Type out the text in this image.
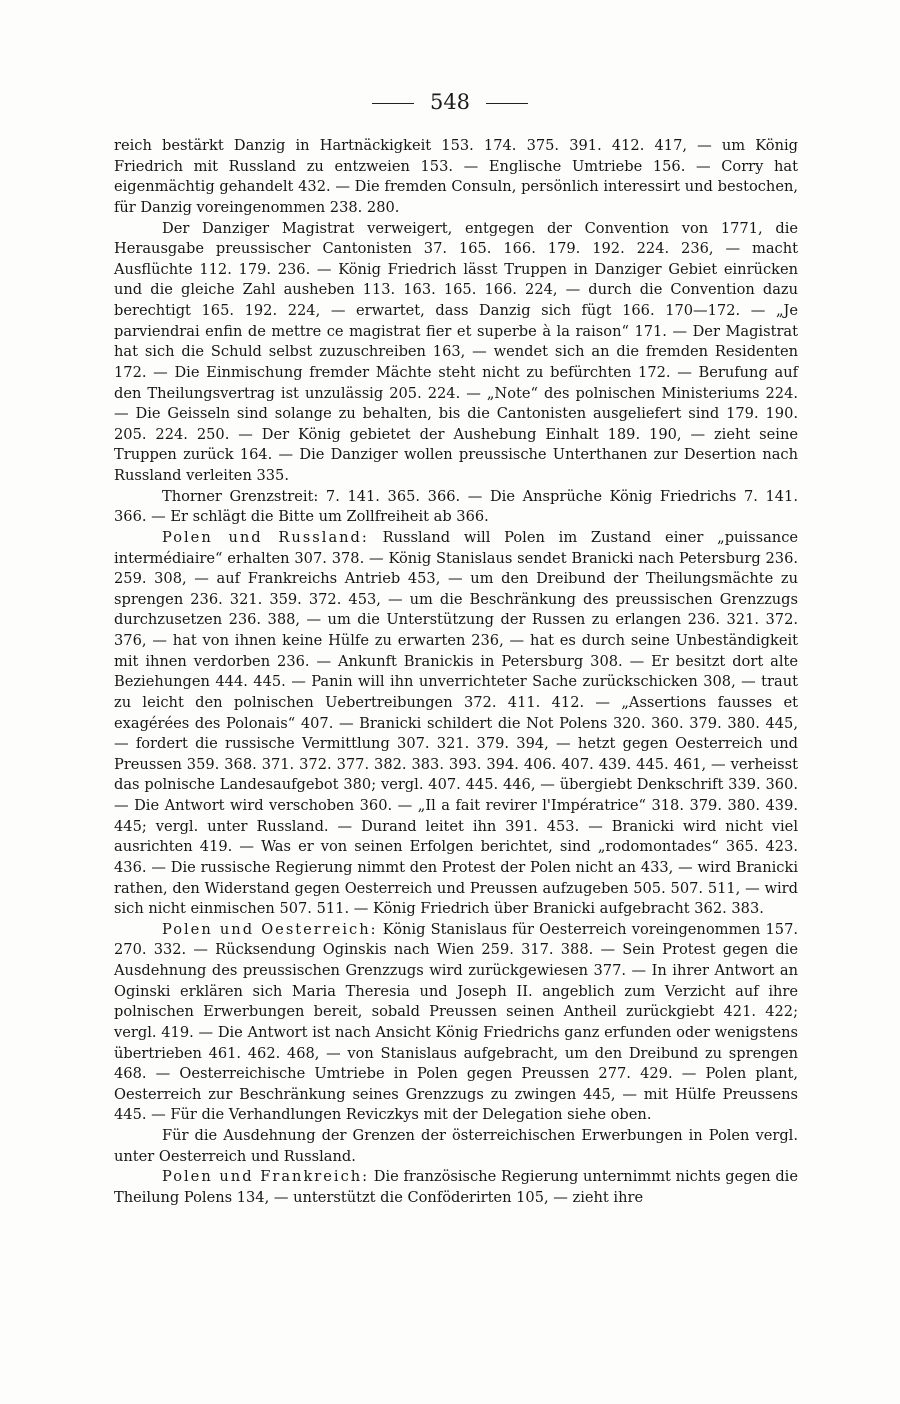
548

reich bestärkt Danzig in Hartnäckigkeit 153. 174. 375. 391. 412. 417, — um König Friedrich mit Russland zu entzweien 153. — Englische Umtriebe 156. — Corry hat eigenmächtig gehandelt 432. — Die fremden Consuln, persönlich interessirt und bestochen, für Danzig voreingenommen 238. 280.

Der Danziger Magistrat verweigert, entgegen der Convention von 1771, die Herausgabe preussischer Cantonisten 37. 165. 166. 179. 192. 224. 236, — macht Ausflüchte 112. 179. 236. — König Friedrich lässt Truppen in Danziger Gebiet einrücken und die gleiche Zahl ausheben 113. 163. 165. 166. 224, — durch die Convention dazu berechtigt 165. 192. 224, — erwartet, dass Danzig sich fügt 166. 170—172. — „Je parviendrai enfin de mettre ce magistrat fier et superbe à la raison“ 171. — Der Magistrat hat sich die Schuld selbst zuzuschreiben 163, — wendet sich an die fremden Residenten 172. — Die Einmischung fremder Mächte steht nicht zu befürchten 172. — Berufung auf den Theilungsvertrag ist unzulässig 205. 224. — „Note“ des polnischen Ministeriums 224. — Die Geisseln sind solange zu behalten, bis die Cantonisten ausgeliefert sind 179. 190. 205. 224. 250. — Der König gebietet der Aushebung Einhalt 189. 190, — zieht seine Truppen zurück 164. — Die Danziger wollen preussische Unterthanen zur Desertion nach Russland verleiten 335.

Thorner Grenzstreit: 7. 141. 365. 366. — Die Ansprüche König Friedrichs 7. 141. 366. — Er schlägt die Bitte um Zollfreiheit ab 366.

Polen und Russland: Russland will Polen im Zustand einer „puissance intermédiaire“ erhalten 307. 378. — König Stanislaus sendet Branicki nach Petersburg 236. 259. 308, — auf Frankreichs Antrieb 453, — um den Dreibund der Theilungsmächte zu sprengen 236. 321. 359. 372. 453, — um die Beschränkung des preussischen Grenzzugs durchzusetzen 236. 388, — um die Unterstützung der Russen zu erlangen 236. 321. 372. 376, — hat von ihnen keine Hülfe zu erwarten 236, — hat es durch seine Unbeständigkeit mit ihnen verdorben 236. — Ankunft Branickis in Petersburg 308. — Er besitzt dort alte Beziehungen 444. 445. — Panin will ihn unverrichteter Sache zurückschicken 308, — traut zu leicht den polnischen Uebertreibungen 372. 411. 412. — „Assertions fausses et exagérées des Polonais“ 407. — Branicki schildert die Not Polens 320. 360. 379. 380. 445, — fordert die russische Vermittlung 307. 321. 379. 394, — hetzt gegen Oesterreich und Preussen 359. 368. 371. 372. 377. 382. 383. 393. 394. 406. 407. 439. 445. 461, — verheisst das polnische Landesaufgebot 380; vergl. 407. 445. 446, — übergiebt Denkschrift 339. 360. — Die Antwort wird verschoben 360. — „Il a fait revirer l'Impératrice“ 318. 379. 380. 439. 445; vergl. unter Russland. — Durand leitet ihn 391. 453. — Branicki wird nicht viel ausrichten 419. — Was er von seinen Erfolgen berichtet, sind „rodomontades“ 365. 423. 436. — Die russische Regierung nimmt den Protest der Polen nicht an 433, — wird Branicki rathen, den Widerstand gegen Oesterreich und Preussen aufzugeben 505. 507. 511, — wird sich nicht einmischen 507. 511. — König Friedrich über Branicki aufgebracht 362. 383.

Polen und Oesterreich: König Stanislaus für Oesterreich voreingenommen 157. 270. 332. — Rücksendung Oginskis nach Wien 259. 317. 388. — Sein Protest gegen die Ausdehnung des preussischen Grenzzugs wird zurückgewiesen 377. — In ihrer Antwort an Oginski erklären sich Maria Theresia und Joseph II. angeblich zum Verzicht auf ihre polnischen Erwerbungen bereit, sobald Preussen seinen Antheil zurückgiebt 421. 422; vergl. 419. — Die Antwort ist nach Ansicht König Friedrichs ganz erfunden oder wenigstens übertrieben 461. 462. 468, — von Stanislaus aufgebracht, um den Dreibund zu sprengen 468. — Oesterreichische Umtriebe in Polen gegen Preussen 277. 429. — Polen plant, Oesterreich zur Beschränkung seines Grenzzugs zu zwingen 445, — mit Hülfe Preussens 445. — Für die Verhandlungen Reviczkys mit der Delegation siehe oben.

Für die Ausdehnung der Grenzen der österreichischen Erwerbungen in Polen vergl. unter Oesterreich und Russland.

Polen und Frankreich: Die französische Regierung unternimmt nichts gegen die Theilung Polens 134, — unterstützt die Conföderirten 105, — zieht ihre
